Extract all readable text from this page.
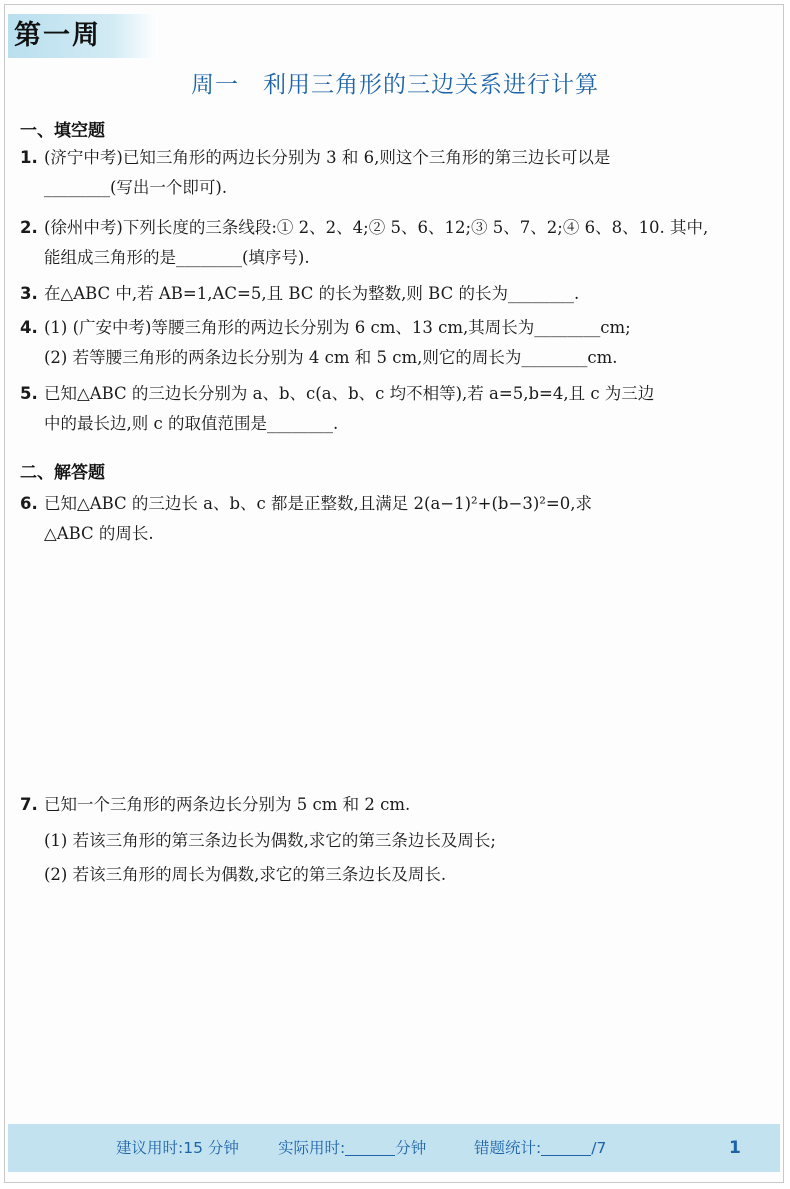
第一周
周一 利用三角形的三边关系进行计算
一、填空题
1. (济宁中考)已知三角形的两边长分别为 3 和 6,则这个三角形的第三边长可以是
________(写出一个即可).
2. (徐州中考)下列长度的三条线段:① 2、2、4;② 5、6、12;③ 5、7、2;④ 6、8、10. 其中,
能组成三角形的是________(填序号).
3. 在△ABC 中,若 AB=1,AC=5,且 BC 的长为整数,则 BC 的长为________.
4. (1) (广安中考)等腰三角形的两边长分别为 6 cm、13 cm,其周长为________cm;
(2) 若等腰三角形的两条边长分别为 4 cm 和 5 cm,则它的周长为________cm.
5. 已知△ABC 的三边长分别为 a、b、c(a、b、c 均不相等),若 a=5,b=4,且 c 为三边
中的最长边,则 c 的取值范围是________.
二、解答题
6. 已知△ABC 的三边长 a、b、c 都是正整数,且满足 2(a−1)²+(b−3)²=0,求
△ABC 的周长.
7. 已知一个三角形的两条边长分别为 5 cm 和 2 cm.
(1) 若该三角形的第三条边长为偶数,求它的第三条边长及周长;
(2) 若该三角形的周长为偶数,求它的第三条边长及周长.
建议用时:15 分钟	实际用时:	分钟	错题统计:	/7	1
